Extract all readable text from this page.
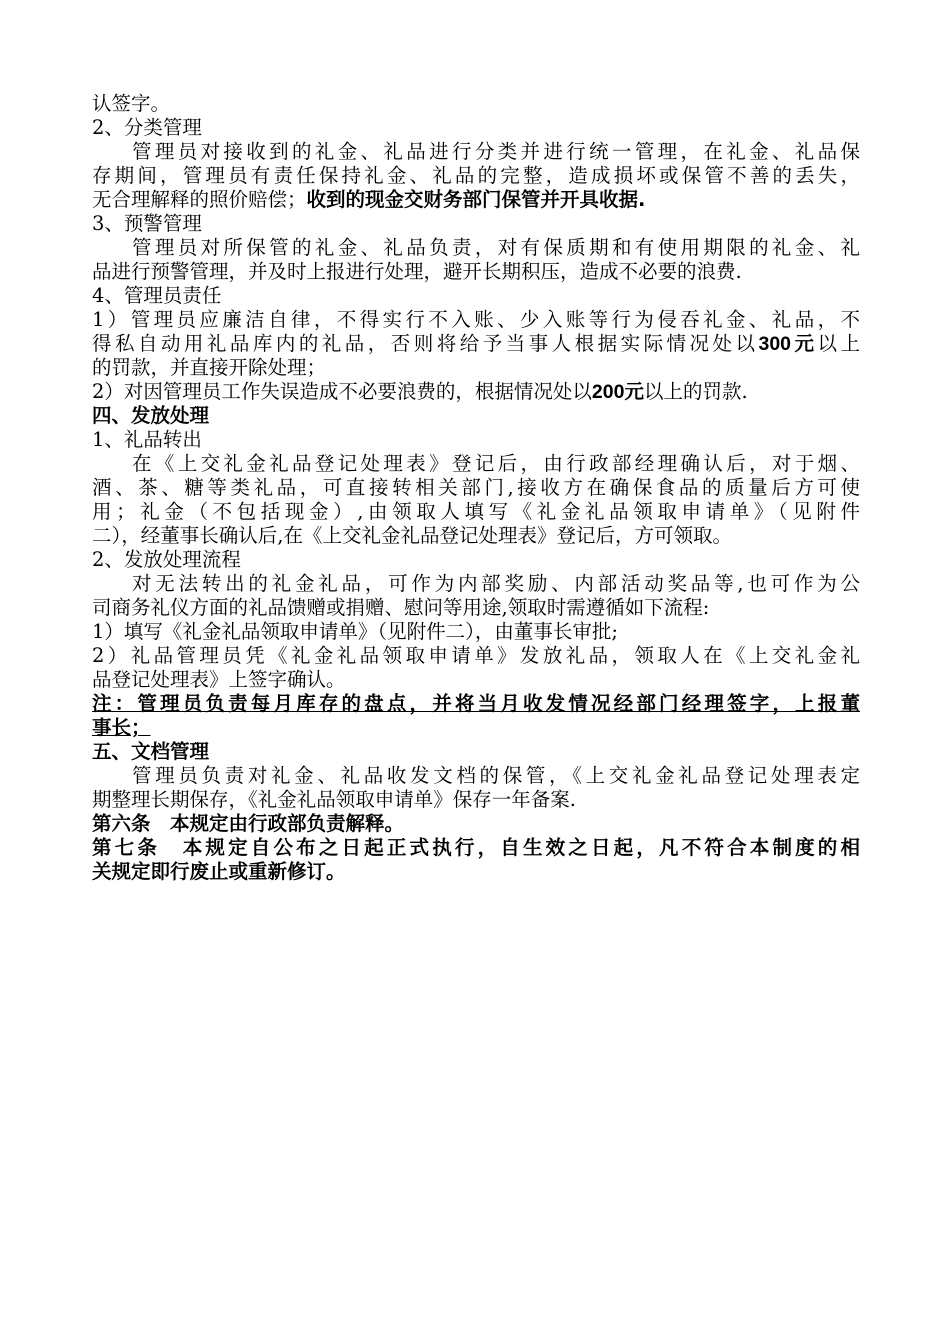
认签字。
2、分类管理
管理员对接收到的礼金、礼品进行分类并进行统一管理，在礼金、礼品保
存期间，管理员有责任保持礼金、礼品的完整，造成损坏或保管不善的丢失，
无合理解释的照价赔偿；收到的现金交财务部门保管并开具收据.
3、预警管理
管理员对所保管的礼金、礼品负责，对有保质期和有使用期限的礼金、礼
品进行预警管理，并及时上报进行处理，避开长期积压，造成不必要的浪费.
4、管理员责任
1）管理员应廉洁自律，不得实行不入账、少入账等行为侵吞礼金、礼品，不
得私自动用礼品库内的礼品，否则将给予当事人根据实际情况处以300元以上
的罚款，并直接开除处理；
2）对因管理员工作失误造成不必要浪费的，根据情况处以200元以上的罚款.
四、发放处理
1、礼品转出
在《上交礼金礼品登记处理表》登记后，由行政部经理确认后，对于烟、
酒、茶、糖等类礼品，可直接转相关部门,接收方在确保食品的质量后方可使
用；礼金（不包括现金）,由领取人填写《礼金礼品领取申请单》（见附件
二），经董事长确认后,在《上交礼金礼品登记处理表》登记后，方可领取。
2、发放处理流程
对无法转出的礼金礼品，可作为内部奖励、内部活动奖品等,也可作为公
司商务礼仪方面的礼品馈赠或捐赠、慰问等用途,领取时需遵循如下流程:
1）填写《礼金礼品领取申请单》（见附件二），由董事长审批;
2）礼品管理员凭《礼金礼品领取申请单》发放礼品，领取人在《上交礼金礼
品登记处理表》上签字确认。
注：管理员负责每月库存的盘点，并将当月收发情况经部门经理签字，上报董
事长；
五、文档管理
管理员负责对礼金、礼品收发文档的保管，《上交礼金礼品登记处理表定
期整理长期保存，《礼金礼品领取申请单》保存一年备案.
第六条　本规定由行政部负责解释。
第七条　本规定自公布之日起正式执行，自生效之日起，凡不符合本制度的相
关规定即行废止或重新修订。
